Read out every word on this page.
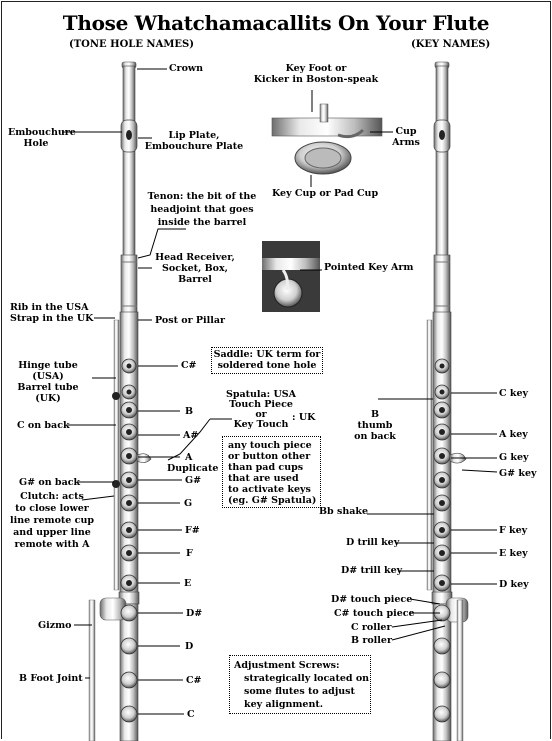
Those Whatchamacallits On Your Flute
(TONE HOLE NAMES)	(KEY NAMES)
Crown
Embouchure
Hole
Lip Plate,
Embouchure Plate
Tenon: the bit of the
headjoint that goes
inside the barrel
Head Receiver,
Socket, Box,
Barrel
Rib in the USA
Strap in the UK	Post or Pillar
Hinge tube
(USA)
Barrel tube
(UK)
C on back
G# on back
Clutch: acts
to close lower
line remote cup
and upper line
remote with A
Gizmo
B Foot Joint
C#
B
A#
A
Duplicate
G#
G
F#
F
E
D#
D
C#
C
Saddle: UK term for
soldered tone hole
Spatula: USA
Touch Piece
or
Key Touch
: UK
any touch piece
or button other
than pad cups
that are used
to activate keys
(eg. G# Spatula)
Adjustment Screws:
strategically located on
some flutes to adjust
key alignment.
Key Foot or
Kicker in Boston-speak
Cup
Arms
Key Cup or Pad Cup
Pointed Key Arm
C key
B
thumb
on back	A key
G key
G# key
Bb shake
F key
D trill key
E key
D# trill key
D key
D# touch piece
C# touch piece
C roller
B roller
